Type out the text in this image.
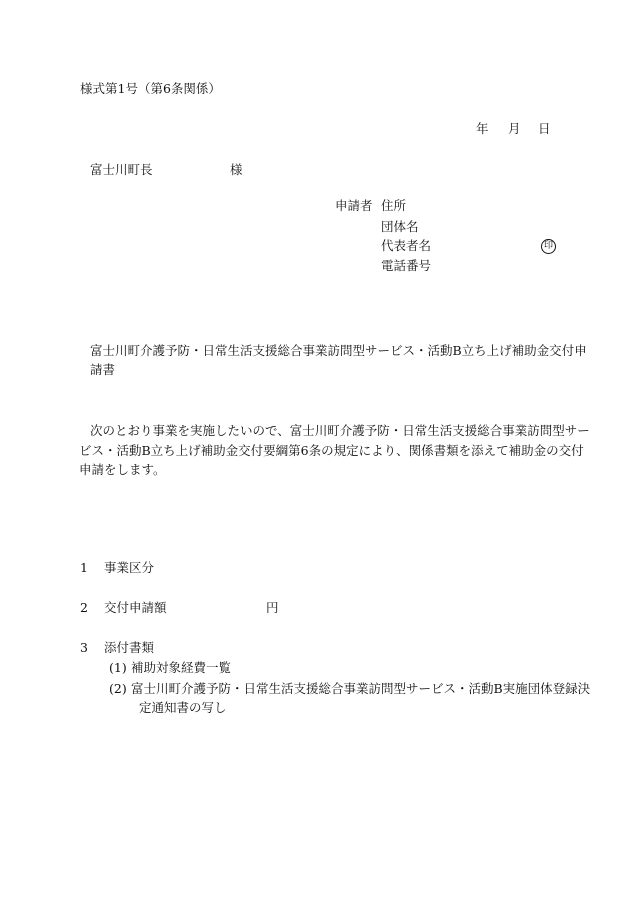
様式第1号（第6条関係）
年 月 日
富士川町長	様
申請者 住所
団体名
代表者名	印
電話番号
富士川町介護予防・日常生活支援総合事業訪問型サービス・活動B立ち上げ補助金交付申
請書
次のとおり事業を実施したいので、富士川町介護予防・日常生活支援総合事業訪問型サー
ビス・活動B立ち上げ補助金交付要綱第6条の規定により、関係書類を添えて補助金の交付
申請をします。
1 事業区分
2 交付申請額	円
3 添付書類
(1) 補助対象経費一覧
(2) 富士川町介護予防・日常生活支援総合事業訪問型サービス・活動B実施団体登録決
定通知書の写し
